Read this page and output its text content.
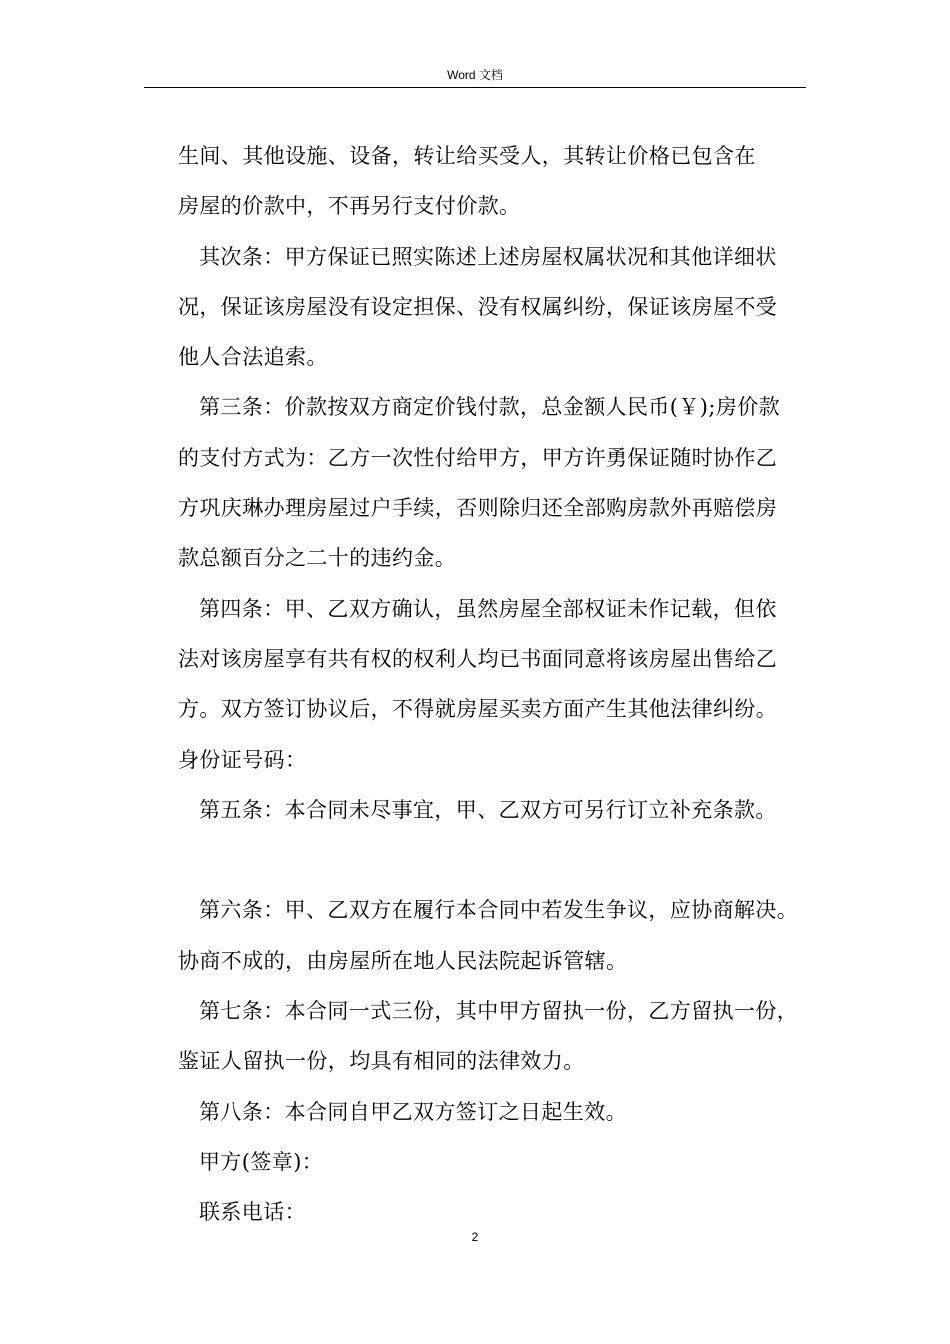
Word 文档
生间、其他设施、设备，转让给买受人，其转让价格已包含在
房屋的价款中，不再另行支付价款。
其次条：甲方保证已照实陈述上述房屋权属状况和其他详细状
况，保证该房屋没有设定担保、没有权属纠纷，保证该房屋不受
他人合法追索。
第三条：价款按双方商定价钱付款，总金额人民币(￥);房价款
的支付方式为：乙方一次性付给甲方，甲方许勇保证随时协作乙
方巩庆琳办理房屋过户手续，否则除归还全部购房款外再赔偿房
款总额百分之二十的违约金。
第四条：甲、乙双方确认，虽然房屋全部权证未作记载，但依
法对该房屋享有共有权的权利人均已书面同意将该房屋出售给乙
方。双方签订协议后，不得就房屋买卖方面产生其他法律纠纷。
身份证号码：
第五条：本合同未尽事宜，甲、乙双方可另行订立补充条款。
第六条：甲、乙双方在履行本合同中若发生争议，应协商解决。
协商不成的，由房屋所在地人民法院起诉管辖。
第七条：本合同一式三份，其中甲方留执一份，乙方留执一份，
鉴证人留执一份，均具有相同的法律效力。
第八条：本合同自甲乙双方签订之日起生效。
甲方(签章)：
联系电话：
2
